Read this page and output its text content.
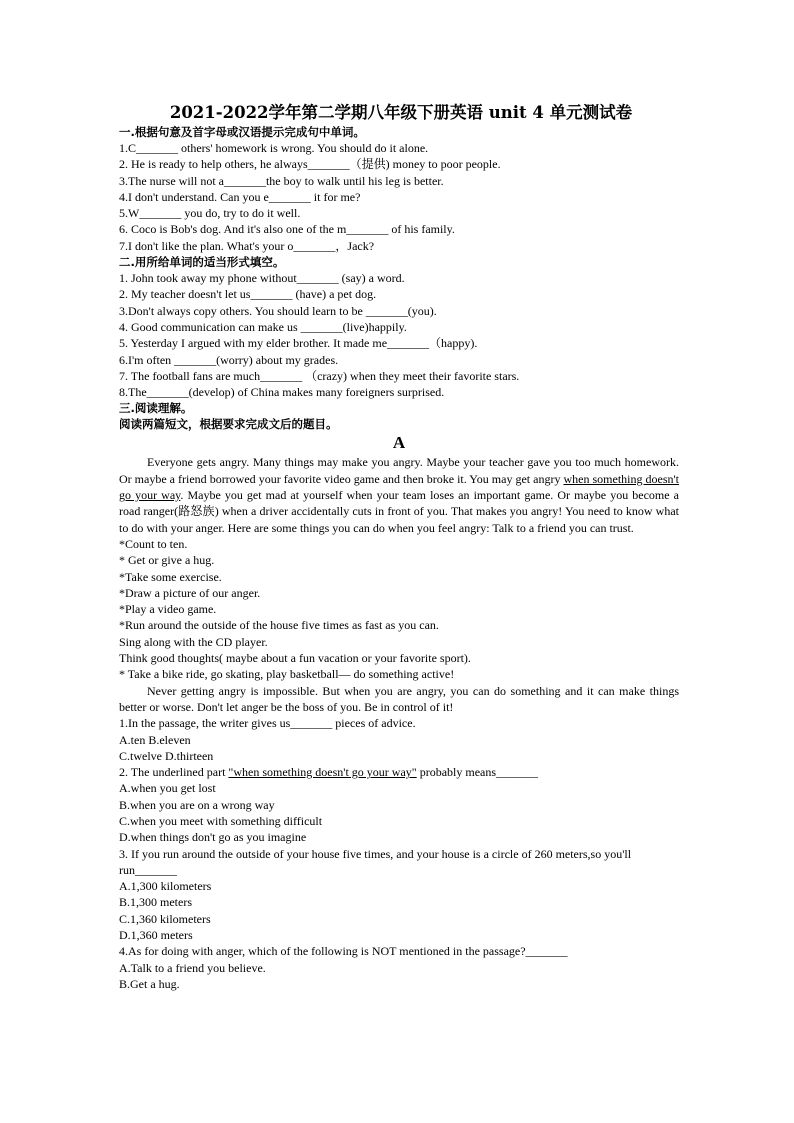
2021-2022学年第二学期八年级下册英语 unit 4 单元测试卷
一.根据句意及首字母或汉语提示完成句中单词。
1.C_______ others' homework is wrong. You should do it alone.
2. He is ready to help others, he always_______（提供) money to poor people.
3.The nurse will not a_______the boy to walk until his leg is better.
4.I don't understand. Can you e_______ it for me?
5.W_______ you do, try to do it well.
6. Coco is Bob's dog. And it's also one of the m_______ of his family.
7.I don't like the plan. What's your o_______，Jack?
二.用所给单词的适当形式填空。
1. John took away my phone without_______ (say) a word.
2. My teacher doesn't let us_______ (have) a pet dog.
3.Don't always copy others. You should learn to be _______(you).
4. Good communication can make us _______(live)happily.
5. Yesterday I argued with my elder brother. It made me_______（happy).
6.I'm often _______(worry) about my grades.
7. The football fans are much_______ （crazy) when they meet their favorite stars.
8.The_______(develop) of China makes many foreigners surprised.
三.阅读理解。
阅读两篇短文，根据要求完成文后的题目。
A
Everyone gets angry. Many things may make you angry. Maybe your teacher gave you too much homework. Or maybe a friend borrowed your favorite video game and then broke it. You may get angry when something doesn't go your way. Maybe you get mad at yourself when your team loses an important game. Or maybe you become a road ranger(路怒族) when a driver accidentally cuts in front of you. That makes you angry! You need to know what to do with your anger. Here are some things you can do when you feel angry: Talk to a friend you can trust.
*Count to ten.
* Get or give a hug.
*Take some exercise.
*Draw a picture of our anger.
*Play a video game.
*Run around the outside of the house five times as fast as you can.
Sing along with the CD player.
Think good thoughts( maybe about a fun vacation or your favorite sport).
* Take a bike ride, go skating, play basketball— do something active!
Never getting angry is impossible. But when you are angry, you can do something and it can make things better or worse. Don't let anger be the boss of you. Be in control of it!
1.In the passage, the writer gives us_______ pieces of advice.
A.ten B.eleven
C.twelve D.thirteen
2. The underlined part "when something doesn't go your way" probably means_______
A.when you get lost
B.when you are on a wrong way
C.when you meet with something difficult
D.when things don't go as you imagine
3. If you run around the outside of your house five times, and your house is a circle of 260 meters,so you'll run_______
A.1,300 kilometers
B.1,300 meters
C.1,360 kilometers
D.1,360 meters
4.As for doing with anger, which of the following is NOT mentioned in the passage?_______
A.Talk to a friend you believe.
B.Get a hug.
